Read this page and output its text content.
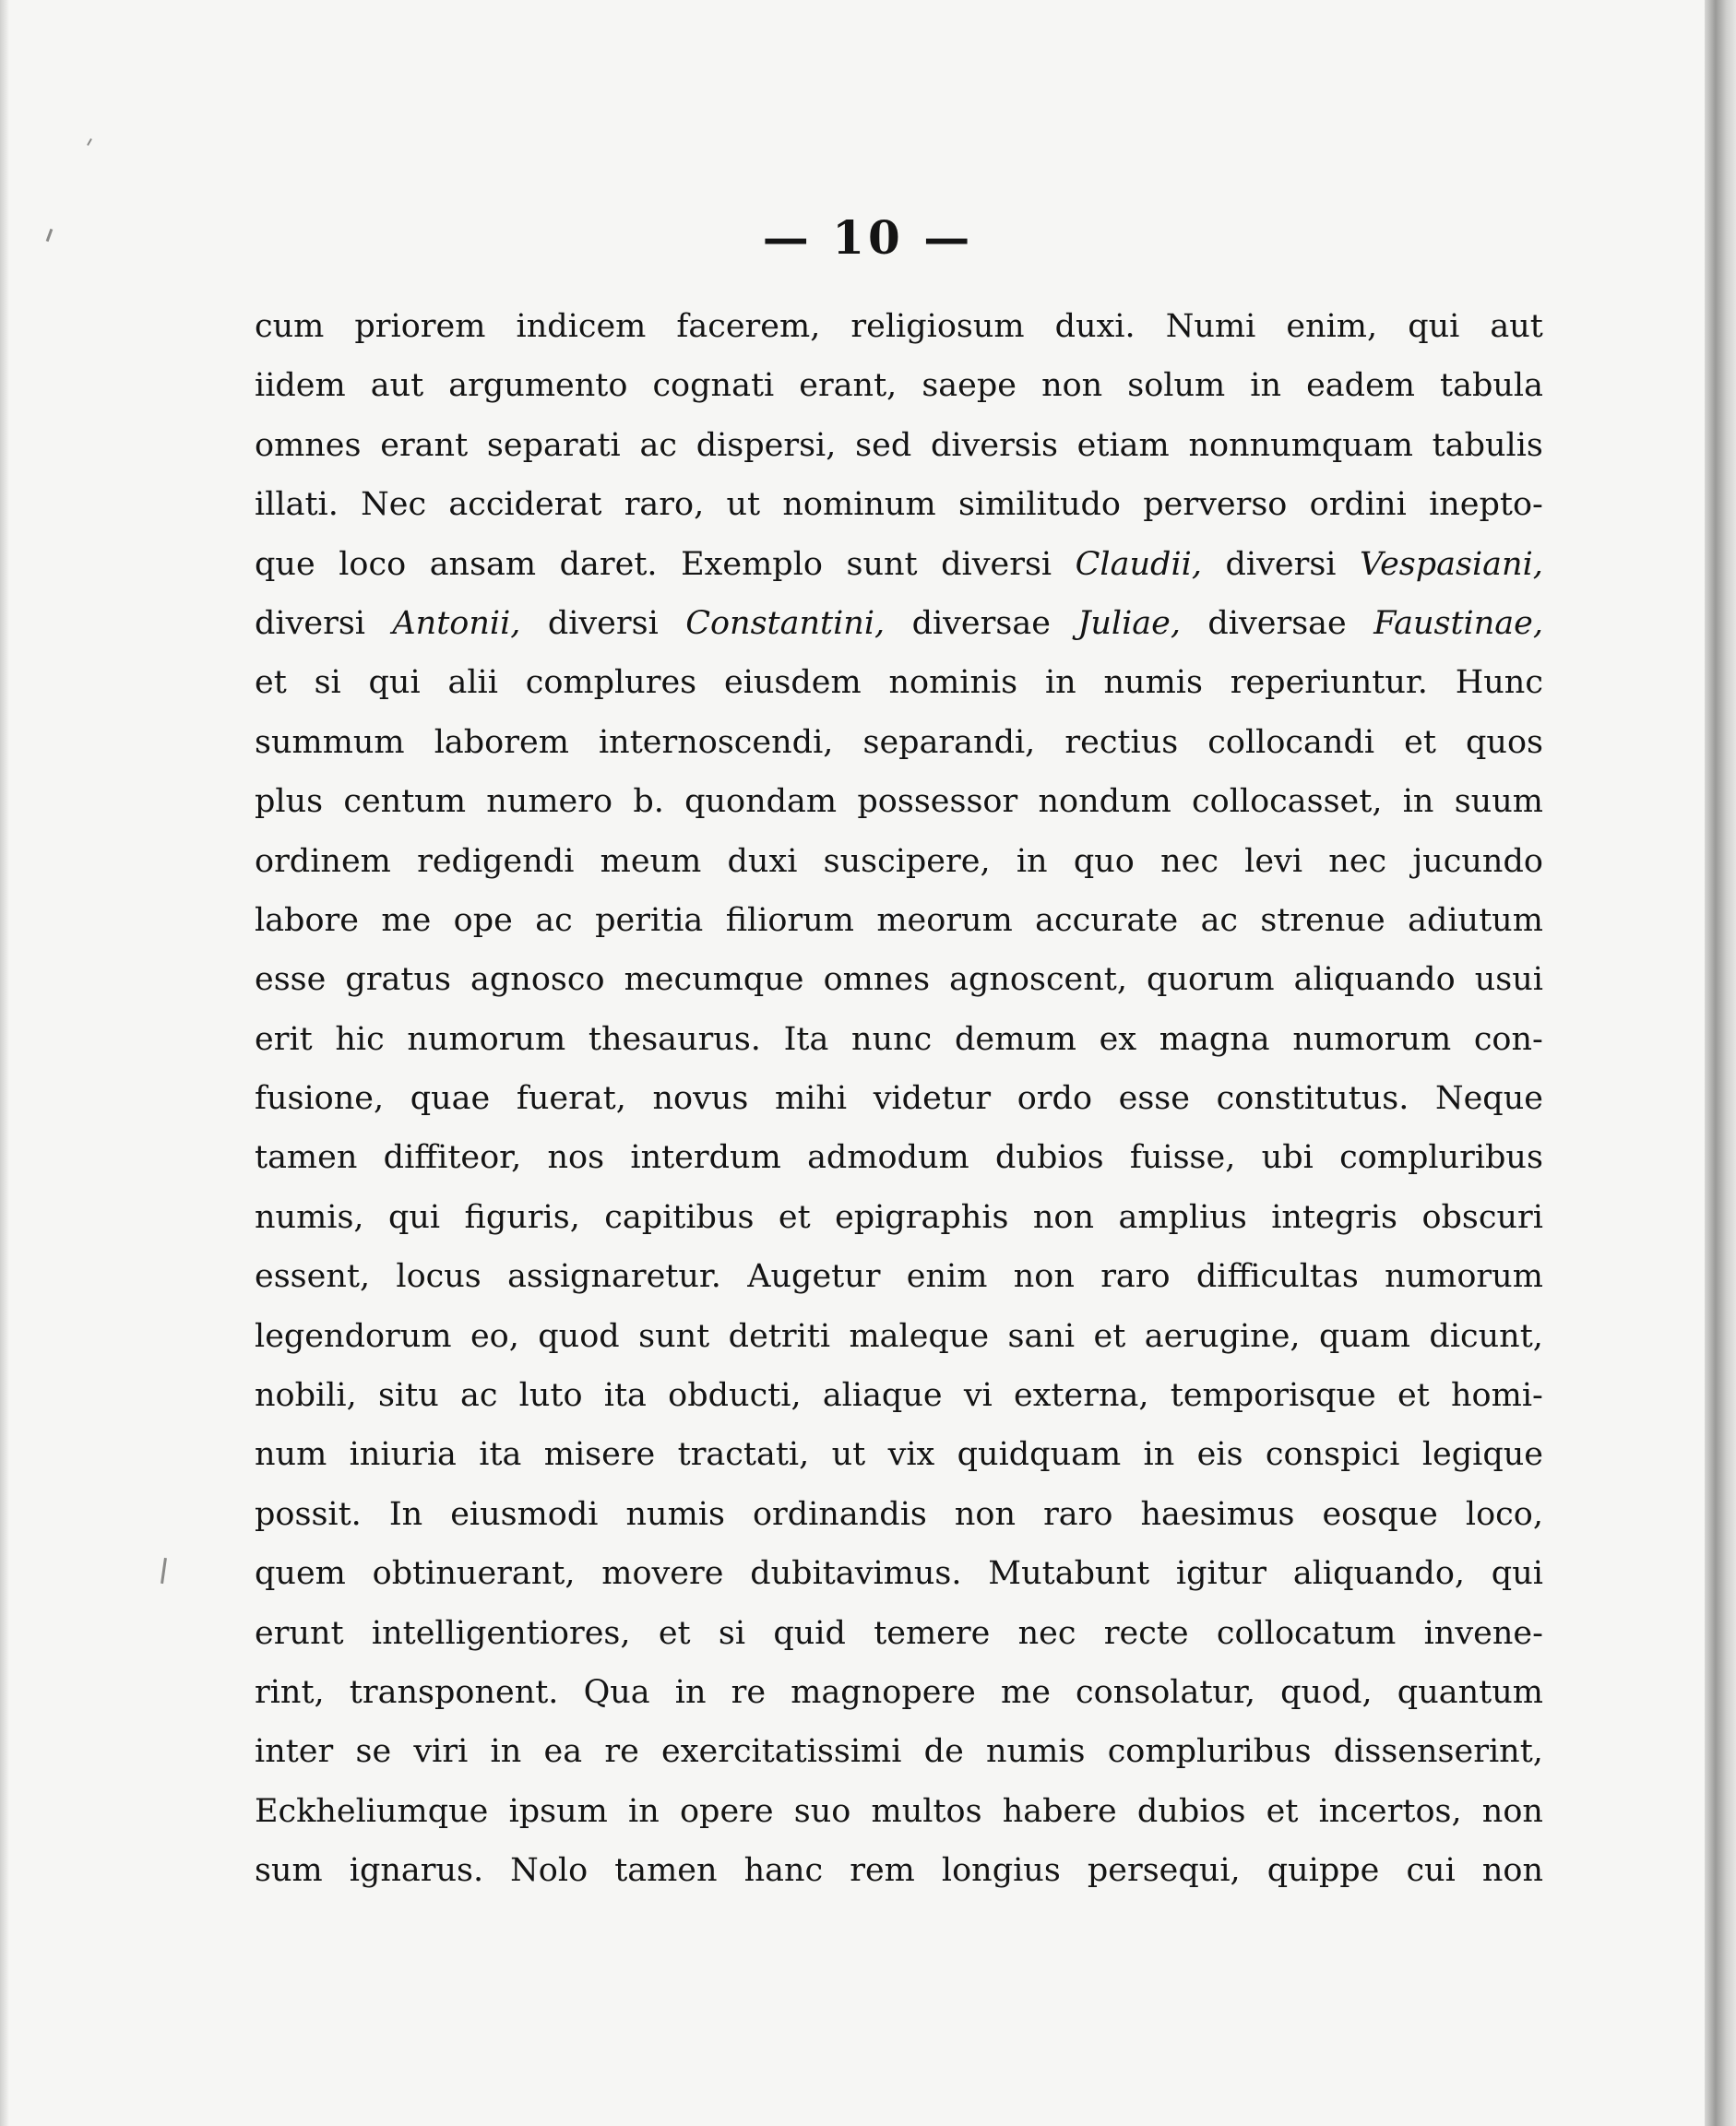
— 10 —
cum priorem indicem facerem, religiosum duxi. Numi enim, qui aut
iidem aut argumento cognati erant, saepe non solum in eadem tabula
omnes erant separati ac dispersi, sed diversis etiam nonnumquam tabulis
illati. Nec acciderat raro, ut nominum similitudo perverso ordini inepto-
que loco ansam daret. Exemplo sunt diversi Claudii, diversi Vespasiani,
diversi Antonii, diversi Constantini, diversae Juliae, diversae Faustinae,
et si qui alii complures eiusdem nominis in numis reperiuntur. Hunc
summum laborem internoscendi, separandi, rectius collocandi et quos
plus centum numero b. quondam possessor nondum collocasset, in suum
ordinem redigendi meum duxi suscipere, in quo nec levi nec jucundo
labore me ope ac peritia filiorum meorum accurate ac strenue adiutum
esse gratus agnosco mecumque omnes agnoscent, quorum aliquando usui
erit hic numorum thesaurus. Ita nunc demum ex magna numorum con-
fusione, quae fuerat, novus mihi videtur ordo esse constitutus. Neque
tamen diffiteor, nos interdum admodum dubios fuisse, ubi compluribus
numis, qui figuris, capitibus et epigraphis non amplius integris obscuri
essent, locus assignaretur. Augetur enim non raro difficultas numorum
legendorum eo, quod sunt detriti maleque sani et aerugine, quam dicunt,
nobili, situ ac luto ita obducti, aliaque vi externa, temporisque et homi-
num iniuria ita misere tractati, ut vix quidquam in eis conspici legique
possit. In eiusmodi numis ordinandis non raro haesimus eosque loco,
quem obtinuerant, movere dubitavimus. Mutabunt igitur aliquando, qui
erunt intelligentiores, et si quid temere nec recte collocatum invene-
rint, transponent. Qua in re magnopere me consolatur, quod, quantum
inter se viri in ea re exercitatissimi de numis compluribus dissenserint,
Eckheliumque ipsum in opere suo multos habere dubios et incertos, non
sum ignarus. Nolo tamen hanc rem longius persequi, quippe cui non
